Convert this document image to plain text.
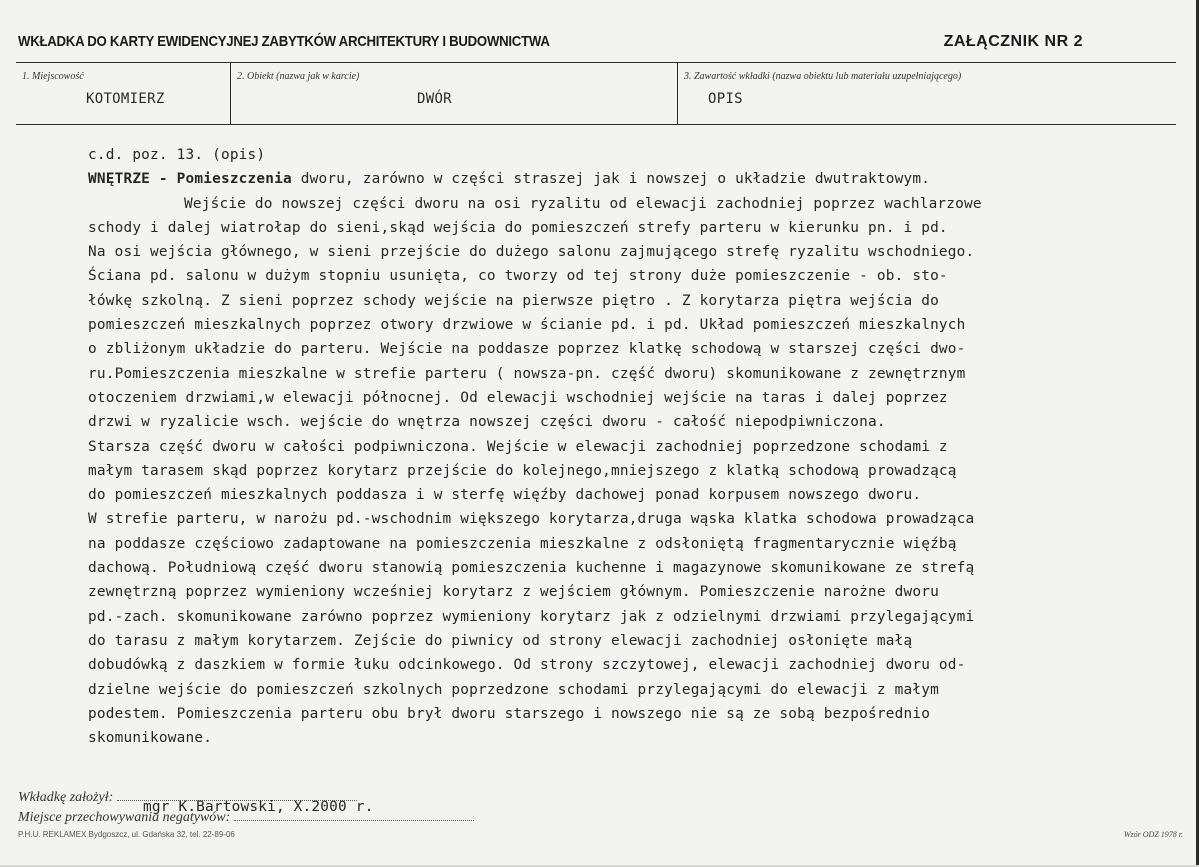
WKŁADKA DO KARTY EWIDENCYJNEJ ZABYTKÓW ARCHITEKTURY I BUDOWNICTWA	ZAŁĄCZNIK NR 2
1. Miejscowość
KOTOMIERZ
2. Obiekt (nazwa jak w karcie)
DWÓR
3. Zawartość wkładki (nazwa obiektu lub materiału uzupełniającego)
OPIS
c.d. poz. 13. (opis)
WNĘTRZE - Pomieszczenia dworu, zarówno w części straszej jak i nowszej o układzie dwutraktowym.
Wejście do nowszej części dworu na osi ryzalitu od elewacji zachodniej poprzez wachlarzowe
schody i dalej wiatrołap do sieni,skąd wejścia do pomieszczeń strefy parteru w kierunku pn. i pd.
Na osi wejścia głównego, w sieni przejście do dużego salonu zajmującego strefę ryzalitu wschodniego.
Ściana pd. salonu w dużym stopniu usunięta, co tworzy od tej strony duże pomieszczenie - ob. sto-
łówkę szkolną. Z sieni poprzez schody wejście na pierwsze piętro . Z korytarza piętra wejścia do
pomieszczeń mieszkalnych poprzez otwory drzwiowe w ścianie pd. i pd. Układ pomieszczeń mieszkalnych
o zbliżonym układzie do parteru. Wejście na poddasze poprzez klatkę schodową w starszej części dwo-
ru.Pomieszczenia mieszkalne w strefie parteru ( nowsza-pn. część dworu) skomunikowane z zewnętrznym
otoczeniem drzwiami,w elewacji północnej. Od elewacji wschodniej wejście na taras i dalej poprzez
drzwi w ryzalicie wsch. wejście do wnętrza nowszej części dworu - całość niepodpiwniczona.
Starsza część dworu w całości podpiwniczona. Wejście w elewacji zachodniej poprzedzone schodami z
małym tarasem skąd poprzez korytarz przejście do kolejnego,mniejszego z klatką schodową prowadzącą
do pomieszczeń mieszkalnych poddasza i w sterfę więźby dachowej ponad korpusem nowszego dworu.
W strefie parteru, w narożu pd.-wschodnim większego korytarza,druga wąska klatka schodowa prowadząca
na poddasze częściowo zadaptowane na pomieszczenia mieszkalne z odsłoniętą fragmentarycznie więźbą
dachową. Południową część dworu stanowią pomieszczenia kuchenne i magazynowe skomunikowane ze strefą
zewnętrzną poprzez wymieniony wcześniej korytarz z wejściem głównym. Pomieszczenie narożne dworu
pd.-zach. skomunikowane zarówno poprzez wymieniony korytarz jak z odzielnymi drzwiami przylegającymi
do tarasu z małym korytarzem. Zejście do piwnicy od strony elewacji zachodniej osłonięte małą
dobudówką z daszkiem w formie łuku odcinkowego. Od strony szczytowej, elewacji zachodniej dworu od-
dzielne wejście do pomieszczeń szkolnych poprzedzone schodami przylegającymi do elewacji z małym
podestem. Pomieszczenia parteru obu brył dworu starszego i nowszego nie są ze sobą bezpośrednio
skomunikowane.
Wkładkę założył:
mgr K.Bartowski, X.2000 r.
Miejsce przechowywania negatywów:
P.H.U. REKLAMEX Bydgoszcz, ul. Gdańska 32, tel. 22-89-06	Wzór ODZ 1978 r.
